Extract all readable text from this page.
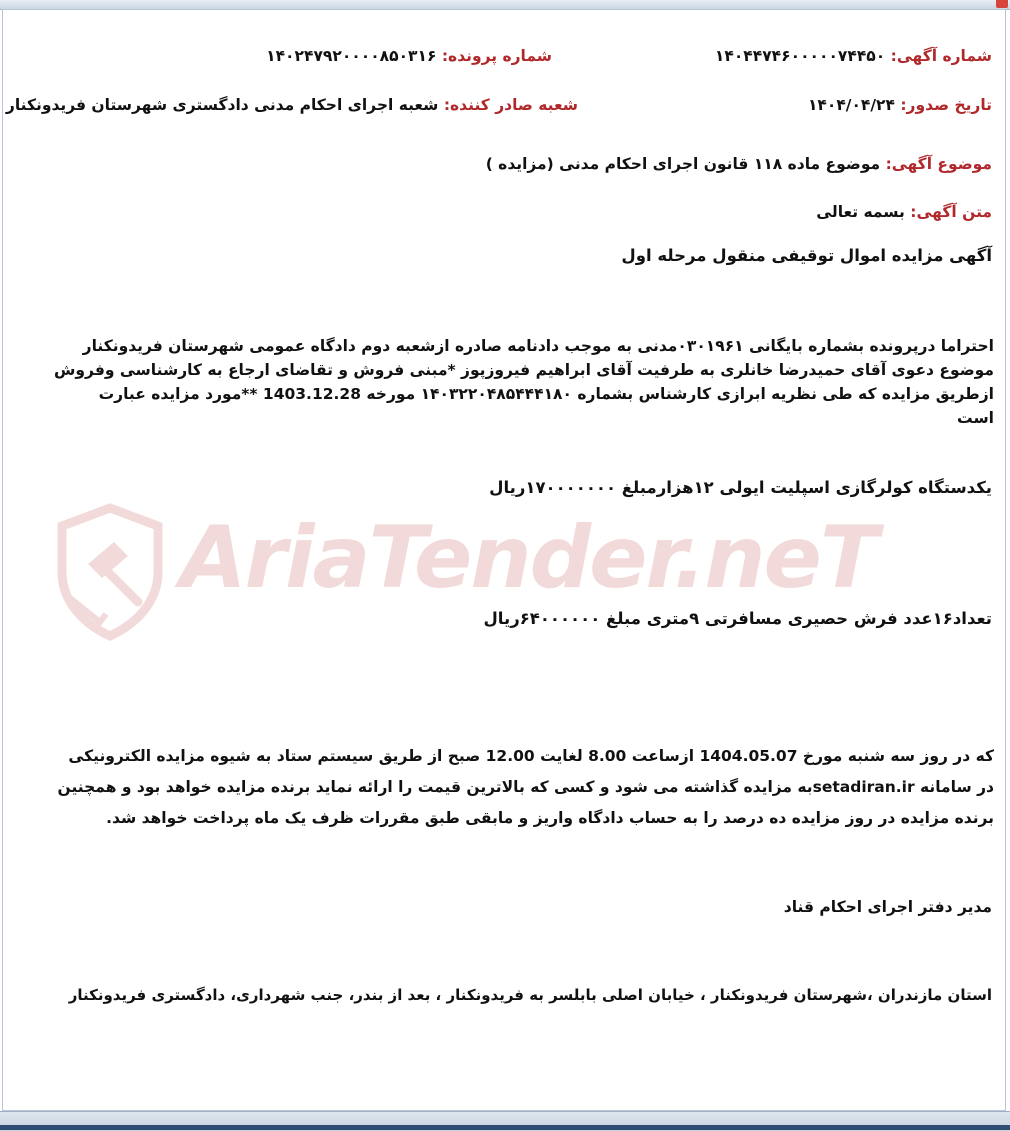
AriaTender.neT
شماره آگهی: ۱۴۰۴۴۷۴۶۰۰۰۰۰۷۴۴۵۰
شماره پرونده: ۱۴۰۲۴۷۹۲۰۰۰۰۸۵۰۳۱۶
تاریخ صدور: ۱۴۰۴/۰۴/۲۴
شعبه صادر کننده: شعبه اجرای احکام مدنی دادگستری شهرستان فریدونکنار
موضوع آگهی: موضوع ماده ۱۱۸ قانون اجرای احکام مدنی (مزایده )
متن آگهی: بسمه تعالی
آگهی مزایده اموال توقیفی منقول مرحله اول
احتراما درپرونده بشماره بایگانی ۰۳۰۱۹۶۱مدنی به موجب دادنامه صادره ازشعبه دوم دادگاه عمومی شهرستان فریدونکنار
موضوع دعوی آقای حمیدرضا خانلری به طرفیت آقای ابراهیم فیروزپوز *مبنی فروش و تقاضای ارجاع به کارشناسی وفروش
ازطریق مزایده که طی نظریه ابرازی کارشناس بشماره ۱۴۰۳۲۲۰۴۸۵۴۴۴۱۸۰ مورخه 1403.12.28 **مورد مزایده عبارت
است
یکدستگاه کولرگازی اسپلیت ایولی ۱۲هزارمبلغ ۱۷۰۰۰۰۰۰۰ریال
تعداد۱۶عدد فرش حصیری مسافرتی ۹متری مبلغ ۶۴۰۰۰۰۰۰ریال
که در روز سه شنبه مورخ 1404.05.07 ازساعت 8.00 لغایت 12.00 صبح از طریق سیستم ستاد به شیوه مزایده الکترونیکی
در سامانه setadiran.irبه مزایده گذاشته می شود و کسی که بالاترین قیمت را ارائه نماید برنده مزایده خواهد بود و همچنین
برنده مزایده در روز مزایده ده درصد را به حساب دادگاه واریز و مابقی طبق مقررات ظرف یک ماه پرداخت خواهد شد.
مدیر دفتر اجرای احکام قناد
استان مازندران ،شهرستان فریدونکنار ، خیابان اصلی بابلسر به فریدونکنار ، بعد از بندر، جنب شهرداری، دادگستری فریدونکنار
